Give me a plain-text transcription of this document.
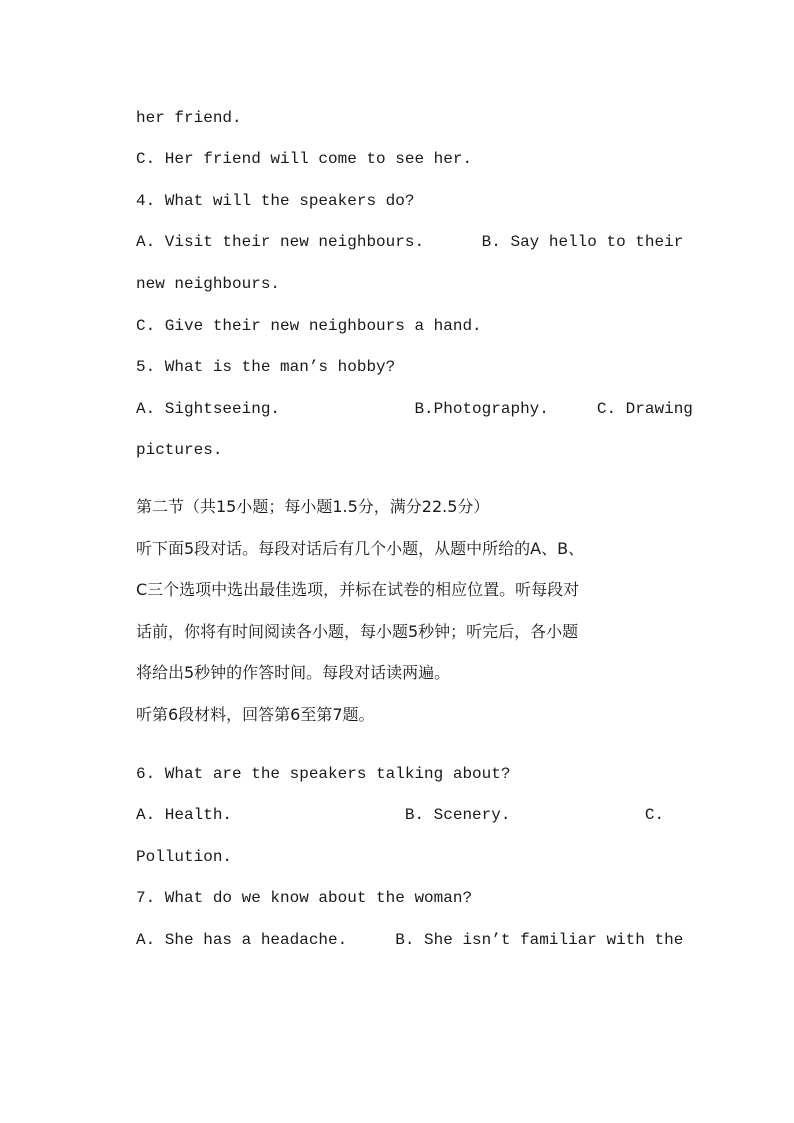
her friend.
C. Her friend will come to see her.
4. What will the speakers do?
A. Visit their new neighbours.      B. Say hello to their
new neighbours.
C. Give their new neighbours a hand.
5. What is the man’s hobby?
A. Sightseeing.              B.Photography.     C. Drawing
pictures.
第二节（共15小题；每小题1.5分，满分22.5分）
听下面5段对话。每段对话后有几个小题，从题中所给的A、B、
C三个选项中选出最佳选项，并标在试卷的相应位置。听每段对
话前，你将有时间阅读各小题，每小题5秒钟；听完后，各小题
将给出5秒钟的作答时间。每段对话读两遍。
听第6段材料，回答第6至第7题。
6. What are the speakers talking about?
A. Health.                  B. Scenery.              C.
Pollution.
7. What do we know about the woman?
A. She has a headache.     B. She isn’t familiar with the
